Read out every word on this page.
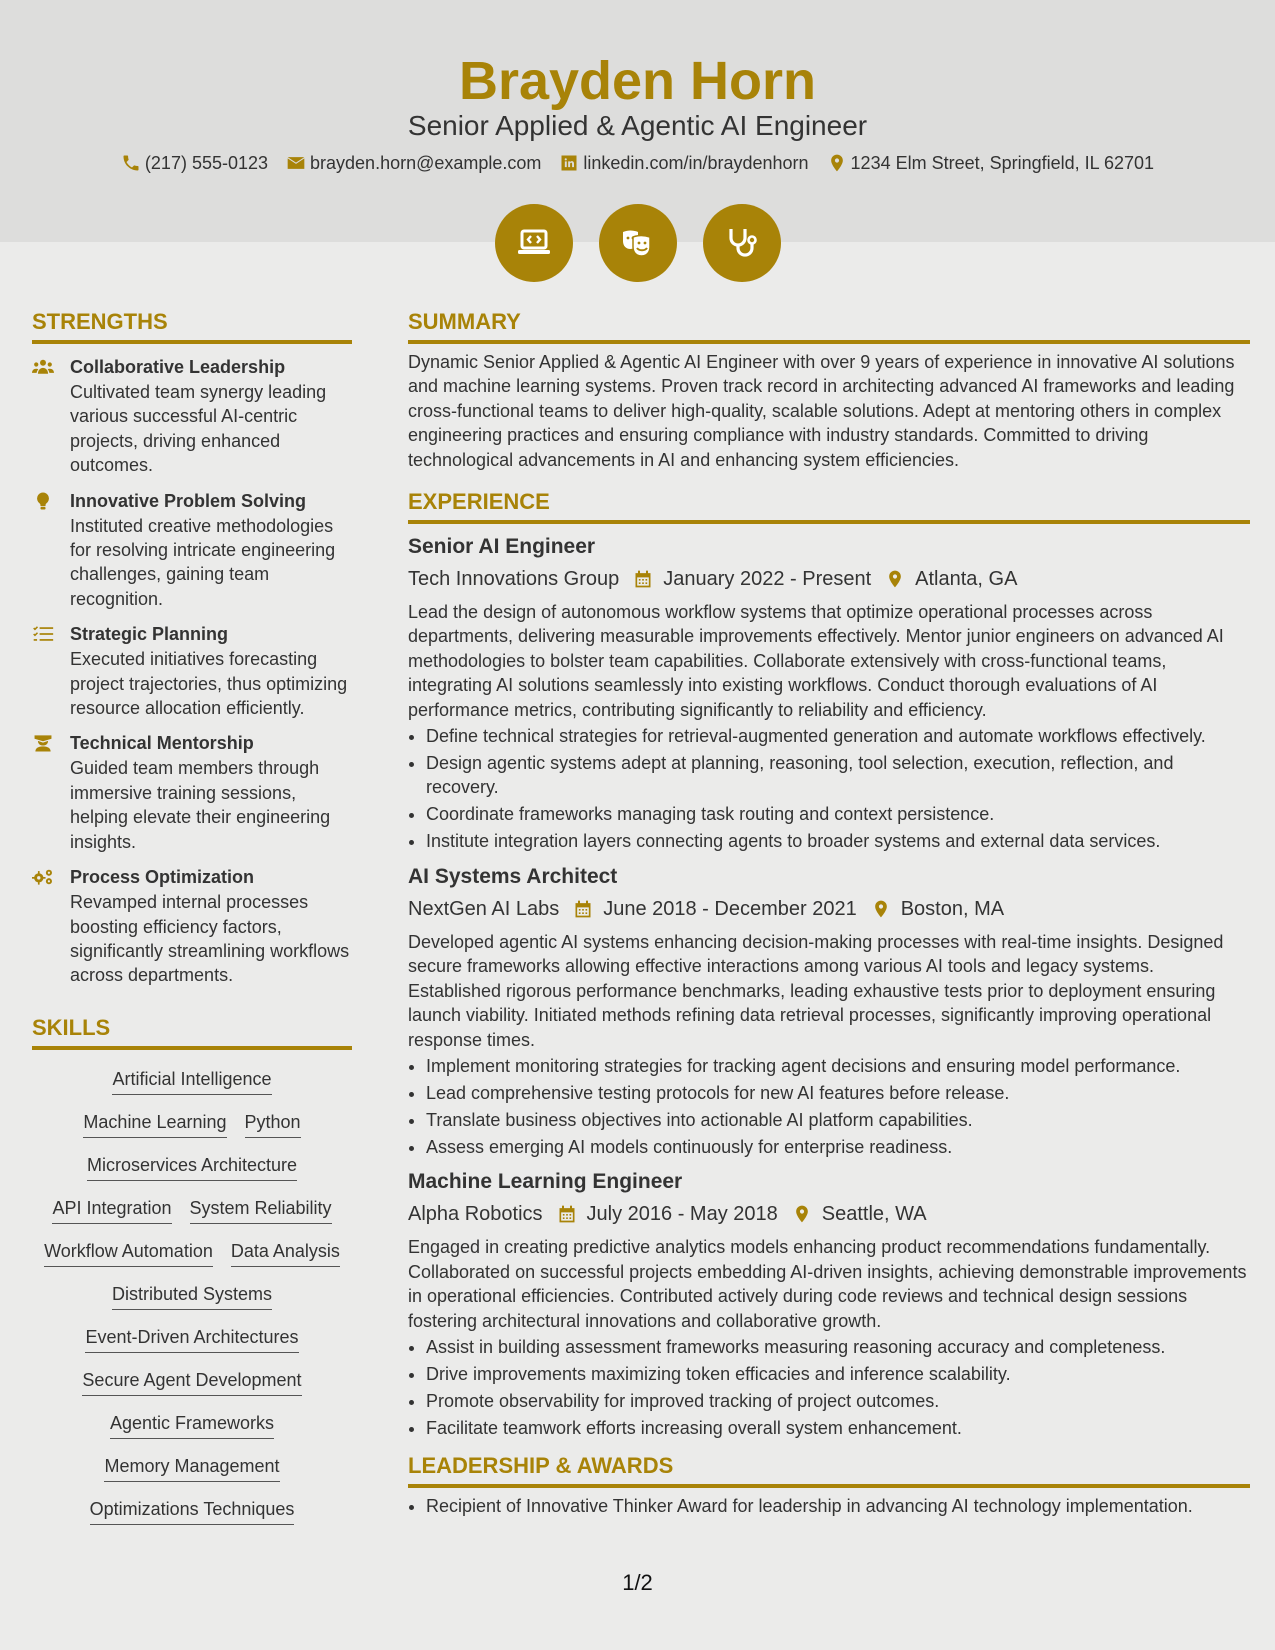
Brayden Horn
Senior Applied & Agentic AI Engineer
(217) 555-0123 brayden.horn@example.com linkedin.com/in/braydenhorn 1234 Elm Street, Springfield, IL 62701
STRENGTHS
Collaborative Leadership
Cultivated team synergy leading various successful AI-centric projects, driving enhanced outcomes.
Innovative Problem Solving
Instituted creative methodologies for resolving intricate engineering challenges, gaining team recognition.
Strategic Planning
Executed initiatives forecasting project trajectories, thus optimizing resource allocation efficiently.
Technical Mentorship
Guided team members through immersive training sessions, helping elevate their engineering insights.
Process Optimization
Revamped internal processes boosting efficiency factors, significantly streamlining workflows across departments.
SKILLS
Artificial Intelligence
Machine Learning Python
Microservices Architecture
API Integration System Reliability
Workflow Automation Data Analysis
Distributed Systems
Event-Driven Architectures
Secure Agent Development
Agentic Frameworks
Memory Management
Optimizations Techniques
SUMMARY

Dynamic Senior Applied & Agentic AI Engineer with over 9 years of experience in innovative AI solutions and machine learning systems. Proven track record in architecting advanced AI frameworks and leading cross-functional teams to deliver high-quality, scalable solutions. Adept at mentoring others in complex engineering practices and ensuring compliance with industry standards. Committed to driving technological advancements in AI and enhancing system efficiencies.

EXPERIENCE
Senior AI Engineer
Tech Innovations Group January 2022 - Present Atlanta, GA

Lead the design of autonomous workflow systems that optimize operational processes across departments, delivering measurable improvements effectively. Mentor junior engineers on advanced AI methodologies to bolster team capabilities. Collaborate extensively with cross-functional teams, integrating AI solutions seamlessly into existing workflows. Conduct thorough evaluations of AI performance metrics, contributing significantly to reliability and efficiency.

• Define technical strategies for retrieval-augmented generation and automate workflows effectively.
• Design agentic systems adept at planning, reasoning, tool selection, execution, reflection, and recovery.
• Coordinate frameworks managing task routing and context persistence.
• Institute integration layers connecting agents to broader systems and external data services.
AI Systems Architect
NextGen AI Labs June 2018 - December 2021 Boston, MA

Developed agentic AI systems enhancing decision-making processes with real-time insights. Designed secure frameworks allowing effective interactions among various AI tools and legacy systems. Established rigorous performance benchmarks, leading exhaustive tests prior to deployment ensuring launch viability. Initiated methods refining data retrieval processes, significantly improving operational response times.

• Implement monitoring strategies for tracking agent decisions and ensuring model performance.
• Lead comprehensive testing protocols for new AI features before release.
• Translate business objectives into actionable AI platform capabilities.
• Assess emerging AI models continuously for enterprise readiness.
Machine Learning Engineer
Alpha Robotics July 2016 - May 2018 Seattle, WA

Engaged in creating predictive analytics models enhancing product recommendations fundamentally. Collaborated on successful projects embedding AI-driven insights, achieving demonstrable improvements in operational efficiencies. Contributed actively during code reviews and technical design sessions fostering architectural innovations and collaborative growth.

• Assist in building assessment frameworks measuring reasoning accuracy and completeness.
• Drive improvements maximizing token efficacies and inference scalability.
• Promote observability for improved tracking of project outcomes.
• Facilitate teamwork efforts increasing overall system enhancement.
LEADERSHIP & AWARDS
• Recipient of Innovative Thinker Award for leadership in advancing AI technology implementation.
1/2
